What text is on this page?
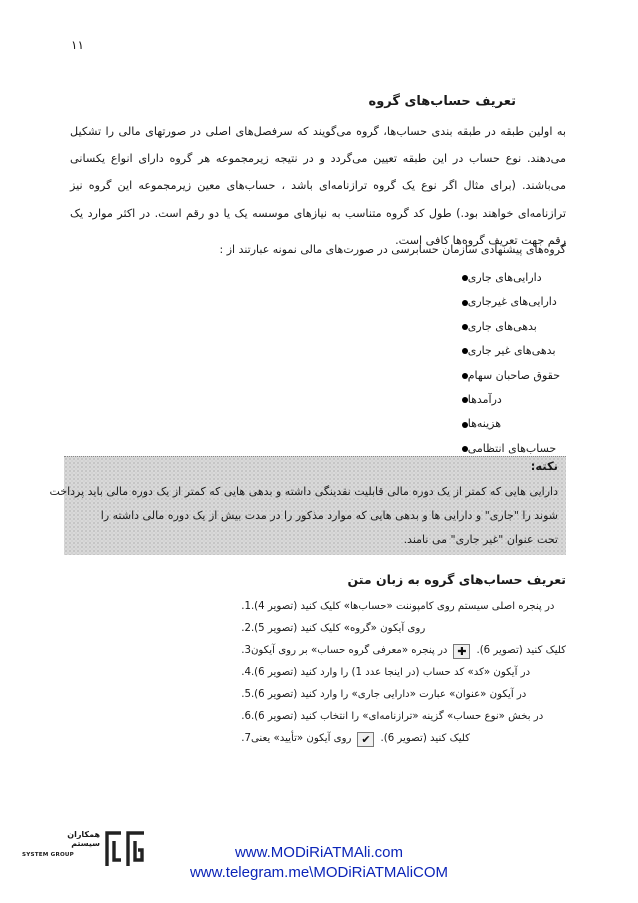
۱۱
تعریف حساب‌های گروه
به اولین طبقه در طبقه بندی حساب‌ها، گروه می‌گویند که سرفصل‌های اصلی در صورتهای مالی را تشکیل می‌دهند. نوع حساب در این طبقه تعیین می‌گردد و در نتیجه زیرمجموعه هر گروه دارای انواع یکسانی می‌باشند. (برای مثال اگر نوع یک گروه ترازنامه‌ای باشد ، حساب‌های معین زیرمجموعه این گروه نیز ترازنامه‌ای خواهند بود.) طول کد گروه متناسب به نیازهای موسسه یک یا دو رقم است. در اکثر موارد یک رقم جهت تعریف گروه‌ها کافی است.
گروه‌های پیشنهادی سازمان حسابرسی در صورت‌های مالی نمونه عبارتند از :
دارایی‌های جاری
دارایی‌های غیرجاری
بدهی‌های جاری
بدهی‌های غیر جاری
حقوق صاحبان سهام
درآمدها
هزینه‌ها
حساب‌های انتظامی
نکته:
دارایی هایی که کمتر از یک دوره مالی قابلیت نقدینگی داشته و بدهی هایی که کمتر از یک دوره مالی باید پرداخت
شوند را "جاری" و دارایی ها و بدهی هایی که موارد مذکور را در مدت بیش از یک دوره مالی داشته را
تحت عنوان "غیر جاری" می نامند.
تعریف حساب‌های گروه به زبان متن
1. در پنجره اصلی سیستم روی کامپوننت «حساب‌ها» کلیک کنید (تصویر 4).
2. روی آیکون «گروه» کلیک کنید (تصویر 5).
3. در پنجره «معرفی گروه حساب» بر روی آیکون ✚ کلیک کنید (تصویر 6).
4. در آیکون «کد» کد حساب (در اینجا عدد 1) را وارد کنید (تصویر 6).
5. در آیکون «عنوان» عبارت «دارایی جاری» را وارد کنید (تصویر 6).
6. در بخش «نوع حساب» گزینه «ترازنامه‌ای» را انتخاب کنید (تصویر 6).
7. روی آیکون «تأیید» یعنی ✔ کلیک کنید (تصویر 6).
همکاران سیستم
SYSTEM GROUP	www.MODiRiATMAli.com
www.telegram.me\MODiRiATMAliCOM
